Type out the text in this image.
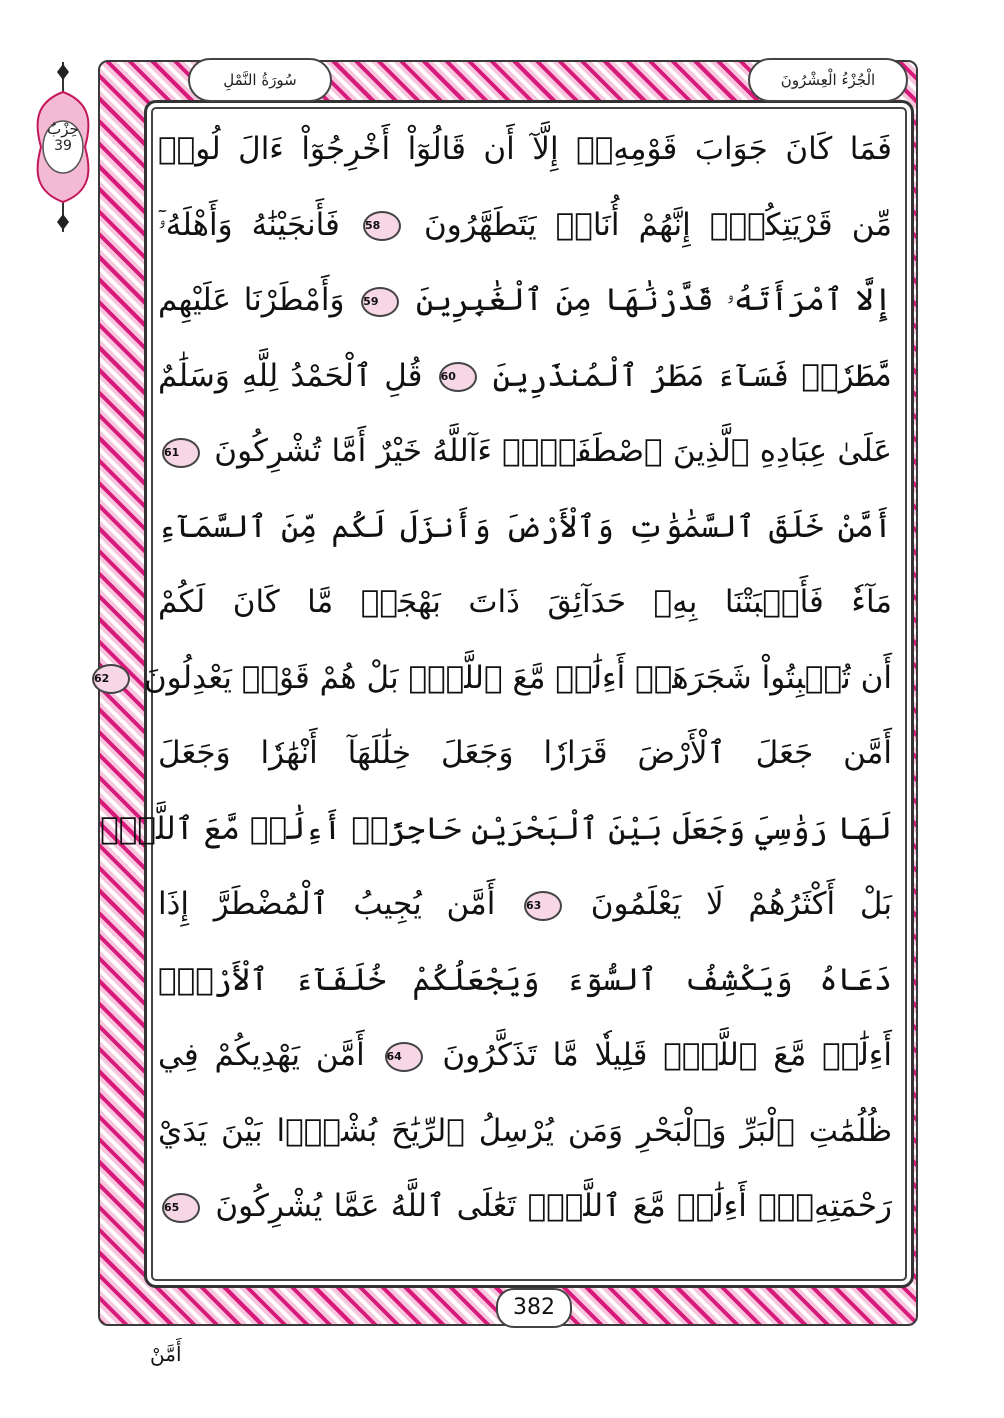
الْجُزْءُ الْعِشْرُونَ
سُورَةُ النَّمْلِ
حِزْبٌ
39	فَمَا كَانَ جَوَابَ قَوْمِهِۦٓ إِلَّآ أَن قَالُوٓاْ أَخْرِجُوٓاْ ءَالَ لُوطٖ
مِّن قَرْيَتِكُمْۖ إِنَّهُمْ أُنَاسٞ يَتَطَهَّرُونَ 58 فَأَنجَيْنَٰهُ وَأَهْلَهُۥٓ
إِلَّا ٱمْرَأَتَهُۥ قَدَّرْنَٰهَا مِنَ ٱلْغَٰبِرِينَ 59 وَأَمْطَرْنَا عَلَيْهِم
مَّطَرٗاۖ فَسَآءَ مَطَرُ ٱلْمُنذَرِينَ 60 قُلِ ٱلْحَمْدُ لِلَّهِ وَسَلَٰمٌ
عَلَىٰ عِبَادِهِ ٱلَّذِينَ ٱصْطَفَىٰٓۗ ءَآللَّهُ خَيْرٌ أَمَّا تُشْرِكُونَ 61
أَمَّنْ خَلَقَ ٱلسَّمَٰوَٰتِ وَٱلْأَرْضَ وَأَنزَلَ لَكُم مِّنَ ٱلسَّمَآءِ
مَآءٗ فَأَنۢبَتْنَا بِهِۦ حَدَآئِقَ ذَاتَ بَهْجَةٖ مَّا كَانَ لَكُمْ
أَن تُنۢبِتُواْ شَجَرَهَآۗ أَءِلَٰهٞ مَّعَ ٱللَّهِۚ بَلْ هُمْ قَوْمٞ يَعْدِلُونَ 62
أَمَّن جَعَلَ ٱلْأَرْضَ قَرَارٗا وَجَعَلَ خِلَٰلَهَآ أَنْهَٰرٗا وَجَعَلَ
لَهَا رَوَٰسِيَ وَجَعَلَ بَيْنَ ٱلْبَحْرَيْنِ حَاجِزًاۗ أَءِلَٰهٞ مَّعَ ٱللَّهِۚ
بَلْ أَكْثَرُهُمْ لَا يَعْلَمُونَ 63 أَمَّن يُجِيبُ ٱلْمُضْطَرَّ إِذَا
دَعَاهُ وَيَكْشِفُ ٱلسُّوٓءَ وَيَجْعَلُكُمْ خُلَفَآءَ ٱلْأَرْضِۗ
أَءِلَٰهٞ مَّعَ ٱللَّهِۚ قَلِيلٗا مَّا تَذَكَّرُونَ 64 أَمَّن يَهْدِيكُمْ فِي
ظُلُمَٰتِ ٱلْبَرِّ وَٱلْبَحْرِ وَمَن يُرْسِلُ ٱلرِّيَٰحَ بُشْرَۢا بَيْنَ يَدَيْ
رَحْمَتِهِۦٓۗ أَءِلَٰهٞ مَّعَ ٱللَّهِۚ تَعَٰلَى ٱللَّهُ عَمَّا يُشْرِكُونَ 65
382
أَمَّنْ
